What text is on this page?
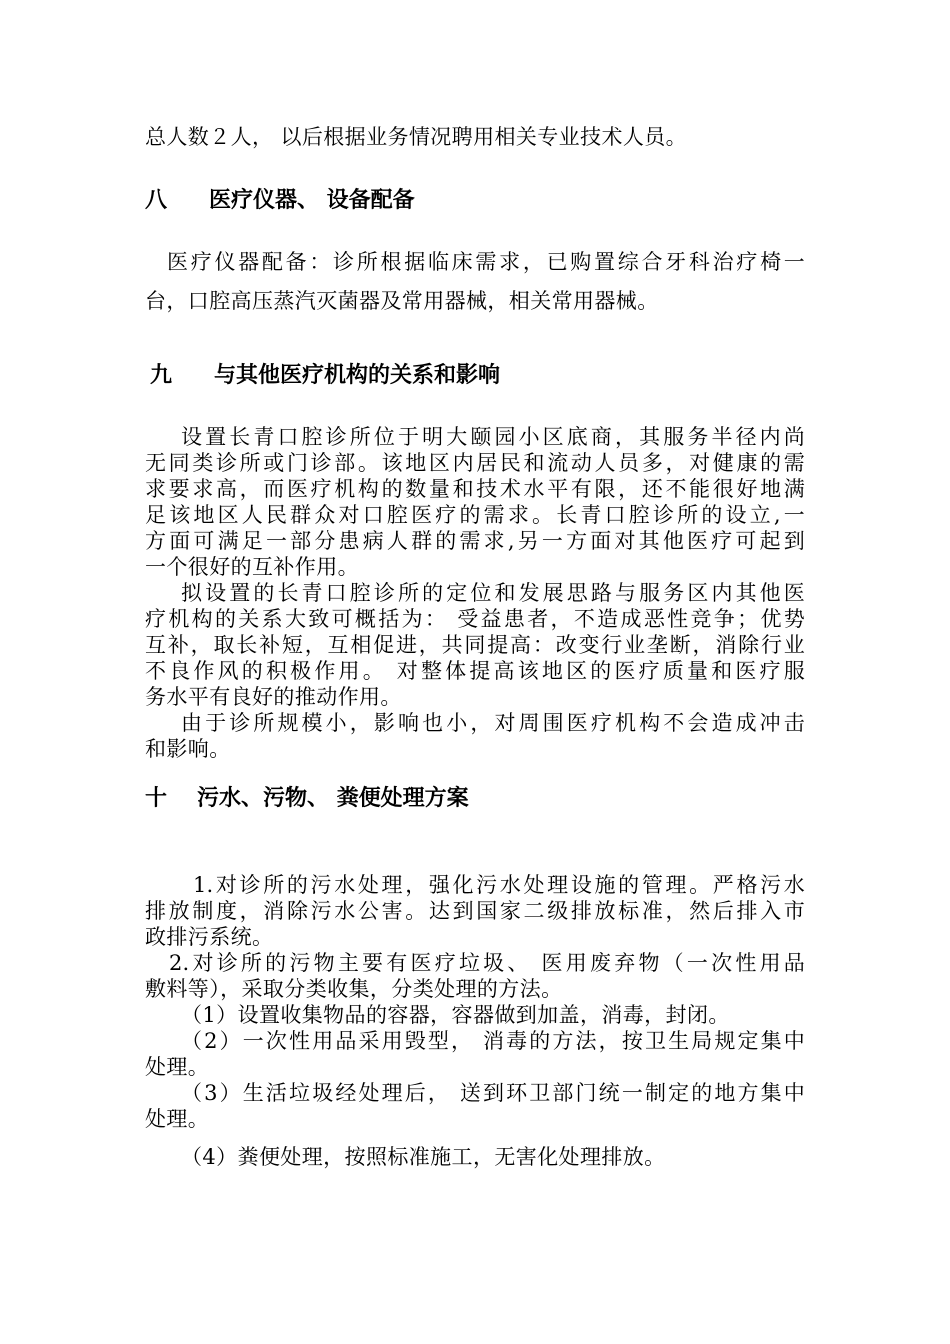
总人数２人， 以后根据业务情况聘用相关专业技术人员。
八 医疗仪器、 设备配备
医疗仪器配备：诊所根据临床需求，已购置综合牙科治疗椅一
台，口腔高压蒸汽灭菌器及常用器械，相关常用器械。
九 与其他医疗机构的关系和影响
设置长青口腔诊所位于明大颐园小区底商，其服务半径内尚
无同类诊所或门诊部。该地区内居民和流动人员多，对健康的需
求要求高，而医疗机构的数量和技术水平有限，还不能很好地满
足该地区人民群众对口腔医疗的需求。长青口腔诊所的设立,一
方面可满足一部分患病人群的需求,另一方面对其他医疗可起到
一个很好的互补作用。
拟设置的长青口腔诊所的定位和发展思路与服务区内其他医
疗机构的关系大致可概括为： 受益患者，不造成恶性竞争；优势
互补，取长补短，互相促进，共同提高：改变行业垄断，消除行业
不良作风的积极作用。 对整体提高该地区的医疗质量和医疗服
务水平有良好的推动作用。
由于诊所规模小，影响也小，对周围医疗机构不会造成冲击
和影响。
十 污水、污物、 粪便处理方案
1.对诊所的污水处理，强化污水处理设施的管理。严格污水
排放制度，消除污水公害。达到国家二级排放标准，然后排入市
政排污系统。
2.对诊所的污物主要有医疗垃圾、 医用废弃物（一次性用品
敷料等），采取分类收集，分类处理的方法。
（1）设置收集物品的容器，容器做到加盖，消毒，封闭。
（2）一次性用品采用毁型， 消毒的方法，按卫生局规定集中
处理。
（3）生活垃圾经处理后， 送到环卫部门统一制定的地方集中
处理。
（4）粪便处理，按照标准施工，无害化处理排放。
